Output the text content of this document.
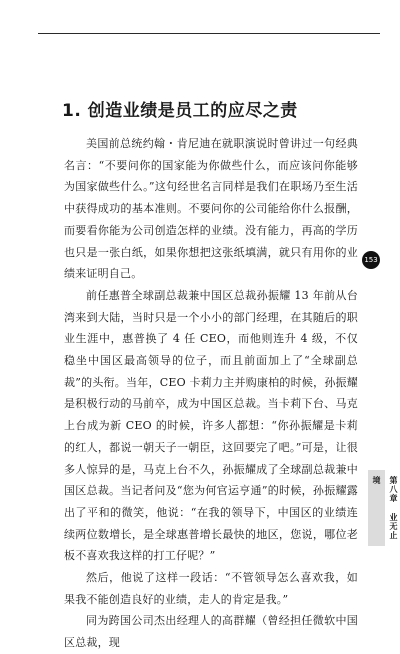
1. 创造业绩是员工的应尽之责

美国前总统约翰・肯尼迪在就职演说时曾讲过一句经典名言：“不要问你的国家能为你做些什么，而应该问你能够为国家做些什么。”这句经世名言同样是我们在职场乃至生活中获得成功的基本准则。不要问你的公司能给你什么报酬，而要看你能为公司创造怎样的业绩。没有能力，再高的学历也只是一张白纸，如果你想把这张纸填满，就只有用你的业绩来证明自己。

前任惠普全球副总裁兼中国区总裁孙振耀 13 年前从台湾来到大陆，当时只是一个小小的部门经理，在其随后的职业生涯中，惠普换了 4 任 CEO，而他则连升 4 级，不仅稳坐中国区最高领导的位子，而且前面加上了“全球副总裁”的头衔。当年，CEO 卡莉力主并购康柏的时候，孙振耀是积极行动的马前卒，成为中国区总裁。当卡莉下台、马克上台成为新 CEO 的时候，许多人都想：“你孙振耀是卡莉的红人，都说一朝天子一朝臣，这回要完了吧。”可是，让很多人惊异的是，马克上台不久，孙振耀成了全球副总裁兼中国区总裁。当记者问及“您为何官运亨通”的时候，孙振耀露出了平和的微笑，他说：“在我的领导下，中国区的业绩连续两位数增长，是全球惠普增长最快的地区，您说，哪位老板不喜欢我这样的打工仔呢？”

然后，他说了这样一段话：“不管领导怎么喜欢我，如果我不能创造良好的业绩，走人的肯定是我。”

同为跨国公司杰出经理人的高群耀（曾经担任微软中国区总裁，现

153
第八章 业无止境
